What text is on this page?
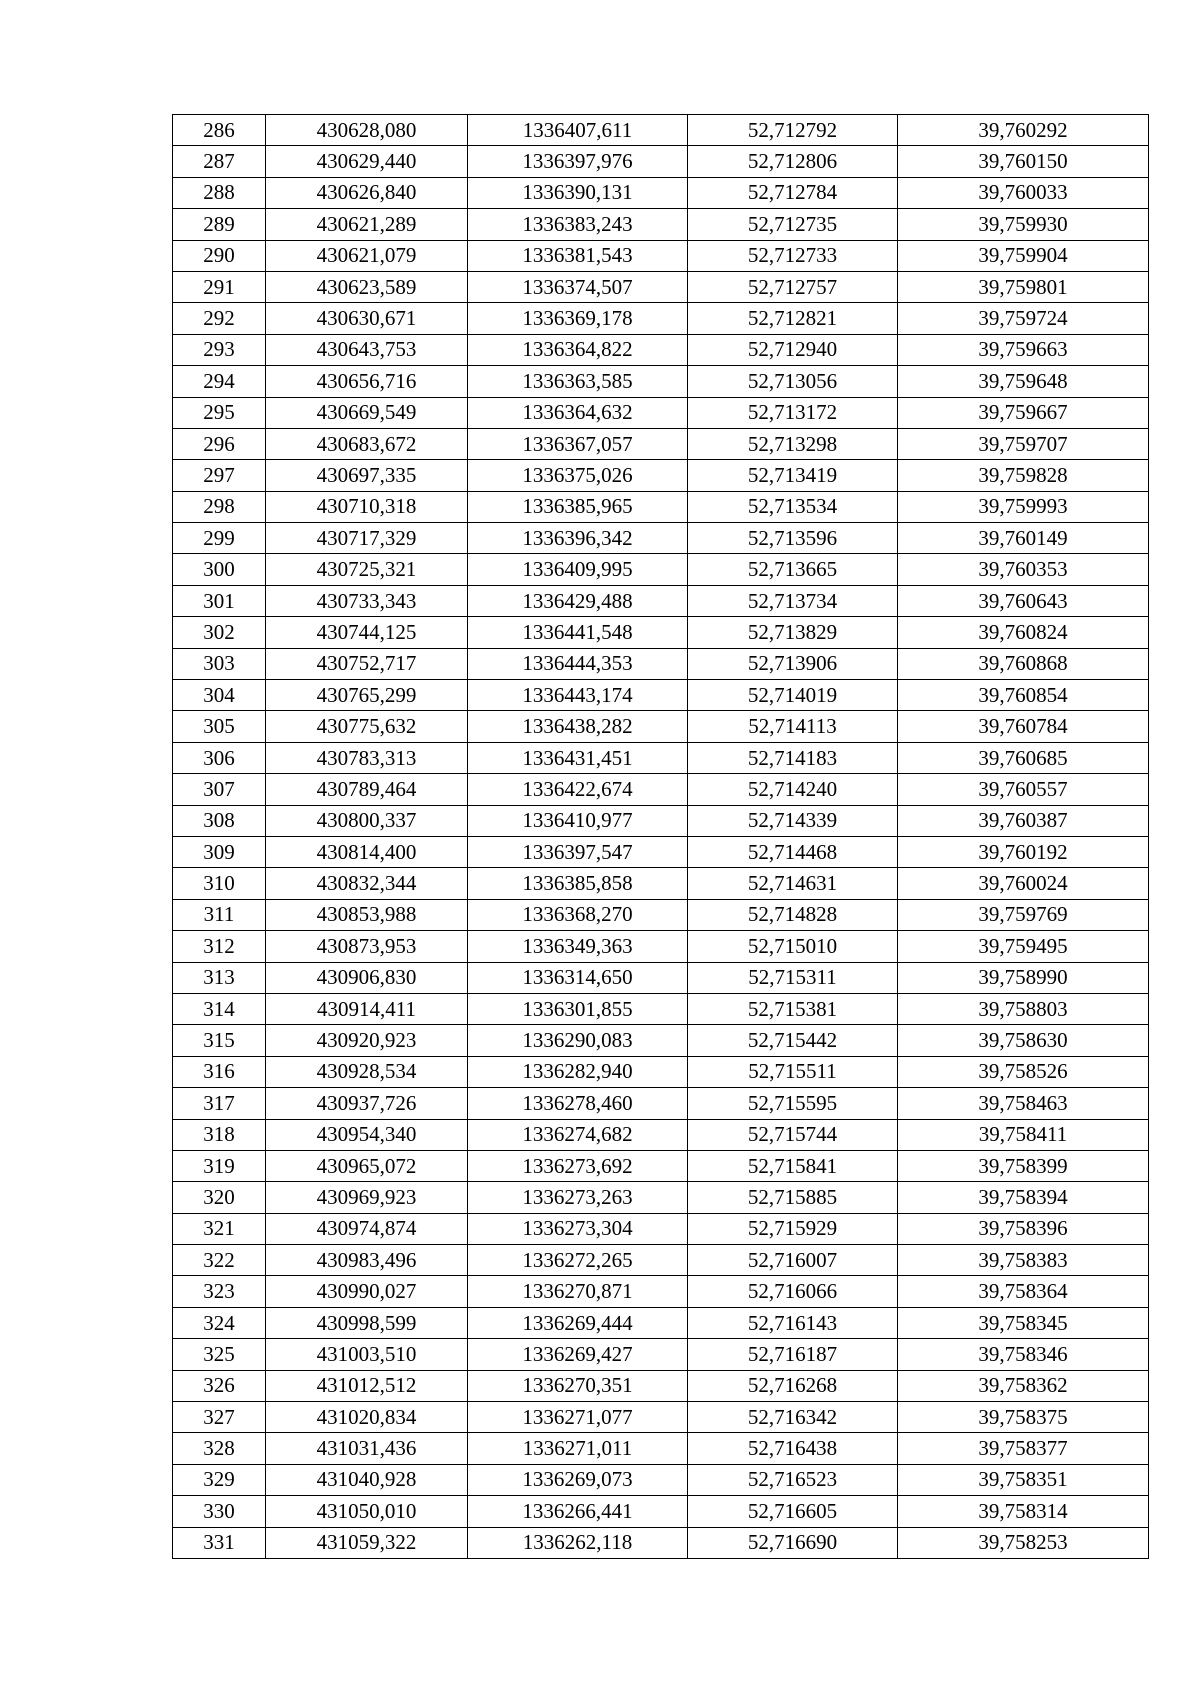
286	430628,080	1336407,611	52,712792	39,760292
287	430629,440	1336397,976	52,712806	39,760150
288	430626,840	1336390,131	52,712784	39,760033
289	430621,289	1336383,243	52,712735	39,759930
290	430621,079	1336381,543	52,712733	39,759904
291	430623,589	1336374,507	52,712757	39,759801
292	430630,671	1336369,178	52,712821	39,759724
293	430643,753	1336364,822	52,712940	39,759663
294	430656,716	1336363,585	52,713056	39,759648
295	430669,549	1336364,632	52,713172	39,759667
296	430683,672	1336367,057	52,713298	39,759707
297	430697,335	1336375,026	52,713419	39,759828
298	430710,318	1336385,965	52,713534	39,759993
299	430717,329	1336396,342	52,713596	39,760149
300	430725,321	1336409,995	52,713665	39,760353
301	430733,343	1336429,488	52,713734	39,760643
302	430744,125	1336441,548	52,713829	39,760824
303	430752,717	1336444,353	52,713906	39,760868
304	430765,299	1336443,174	52,714019	39,760854
305	430775,632	1336438,282	52,714113	39,760784
306	430783,313	1336431,451	52,714183	39,760685
307	430789,464	1336422,674	52,714240	39,760557
308	430800,337	1336410,977	52,714339	39,760387
309	430814,400	1336397,547	52,714468	39,760192
310	430832,344	1336385,858	52,714631	39,760024
311	430853,988	1336368,270	52,714828	39,759769
312	430873,953	1336349,363	52,715010	39,759495
313	430906,830	1336314,650	52,715311	39,758990
314	430914,411	1336301,855	52,715381	39,758803
315	430920,923	1336290,083	52,715442	39,758630
316	430928,534	1336282,940	52,715511	39,758526
317	430937,726	1336278,460	52,715595	39,758463
318	430954,340	1336274,682	52,715744	39,758411
319	430965,072	1336273,692	52,715841	39,758399
320	430969,923	1336273,263	52,715885	39,758394
321	430974,874	1336273,304	52,715929	39,758396
322	430983,496	1336272,265	52,716007	39,758383
323	430990,027	1336270,871	52,716066	39,758364
324	430998,599	1336269,444	52,716143	39,758345
325	431003,510	1336269,427	52,716187	39,758346
326	431012,512	1336270,351	52,716268	39,758362
327	431020,834	1336271,077	52,716342	39,758375
328	431031,436	1336271,011	52,716438	39,758377
329	431040,928	1336269,073	52,716523	39,758351
330	431050,010	1336266,441	52,716605	39,758314
331	431059,322	1336262,118	52,716690	39,758253
